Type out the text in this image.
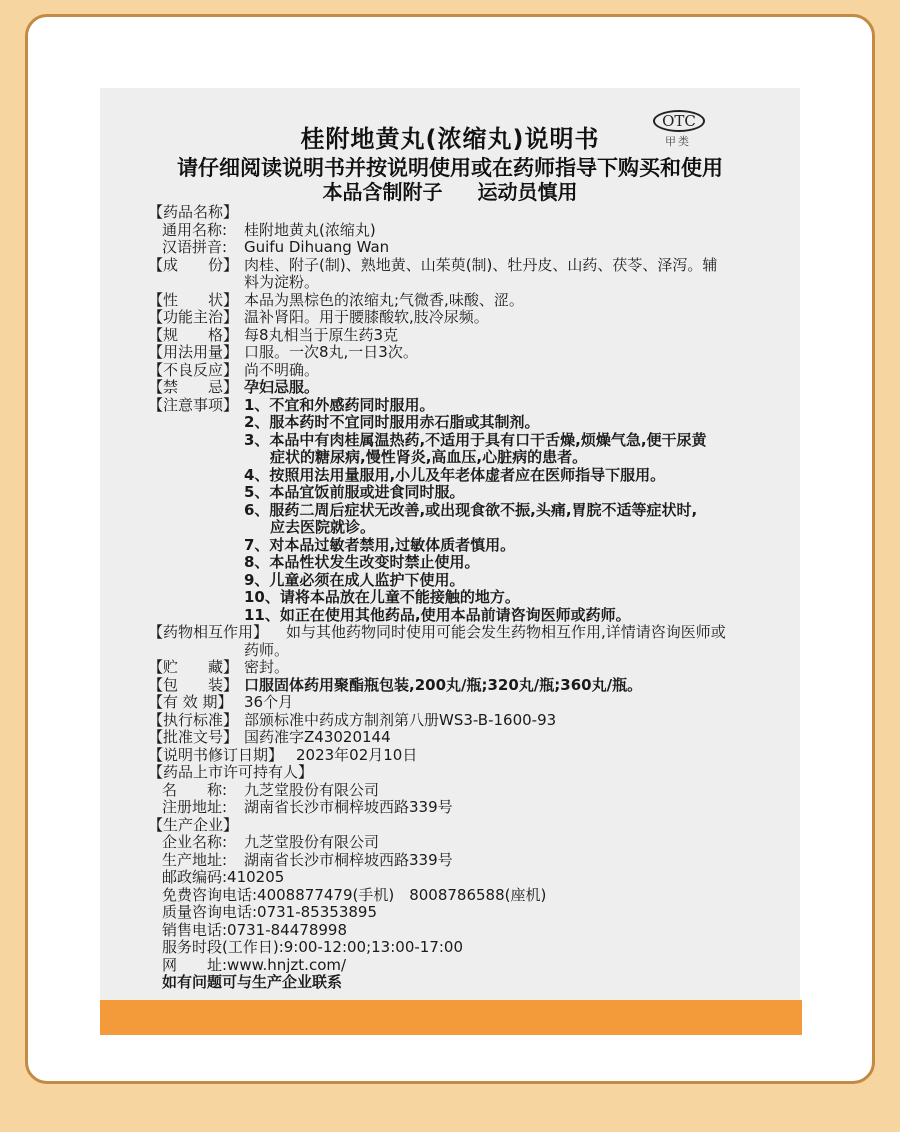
桂附地黄丸(浓缩丸)说明书
OTC
甲类
请仔细阅读说明书并按说明使用或在药师指导下购买和使用
本品含制附子 运动员慎用
【药品名称】
通用名称: 桂附地黄丸(浓缩丸)
汉语拼音: Guifu Dihuang Wan
【成　　份】 肉桂、附子(制)、熟地黄、山茱萸(制)、牡丹皮、山药、茯苓、泽泻。辅
料为淀粉。
【性　　状】 本品为黑棕色的浓缩丸;气微香,味酸、涩。
【功能主治】 温补肾阳。用于腰膝酸软,肢冷尿频。
【规　　格】 每8丸相当于原生药3克
【用法用量】 口服。一次8丸,一日3次。
【不良反应】 尚不明确。
【禁　　忌】 孕妇忌服。
【注意事项】 1、不宜和外感药同时服用。
2、服本药时不宜同时服用赤石脂或其制剂。
3、本品中有肉桂属温热药,不适用于具有口干舌燥,烦燥气急,便干尿黄
症状的糖尿病,慢性肾炎,高血压,心脏病的患者。
4、按照用法用量服用,小儿及年老体虚者应在医师指导下服用。
5、本品宜饭前服或进食同时服。
6、服药二周后症状无改善,或出现食欲不振,头痛,胃脘不适等症状时,
应去医院就诊。
7、对本品过敏者禁用,过敏体质者慎用。
8、本品性状发生改变时禁止使用。
9、儿童必须在成人监护下使用。
10、请将本品放在儿童不能接触的地方。
11、如正在使用其他药品,使用本品前请咨询医师或药师。
【药物相互作用】 如与其他药物同时使用可能会发生药物相互作用,详情请咨询医师或
药师。
【贮　　藏】 密封。
【包　　装】 口服固体药用聚酯瓶包装,200丸/瓶;320丸/瓶;360丸/瓶。
【有 效 期】 36个月
【执行标准】 部颁标准中药成方制剂第八册WS3-B-1600-93
【批准文号】 国药准字Z43020144
【说明书修订日期】 2023年02月10日
【药品上市许可持有人】
名　　称: 九芝堂股份有限公司
注册地址: 湖南省长沙市桐梓坡西路339号
【生产企业】
企业名称: 九芝堂股份有限公司
生产地址: 湖南省长沙市桐梓坡西路339号
邮政编码:410205
免费咨询电话:4008877479(手机)　8008786588(座机)
质量咨询电话:0731-85353895
销售电话:0731-84478998
服务时段(工作日):9:00-12:00;13:00-17:00
网　　址:www.hnjzt.com/
如有问题可与生产企业联系
